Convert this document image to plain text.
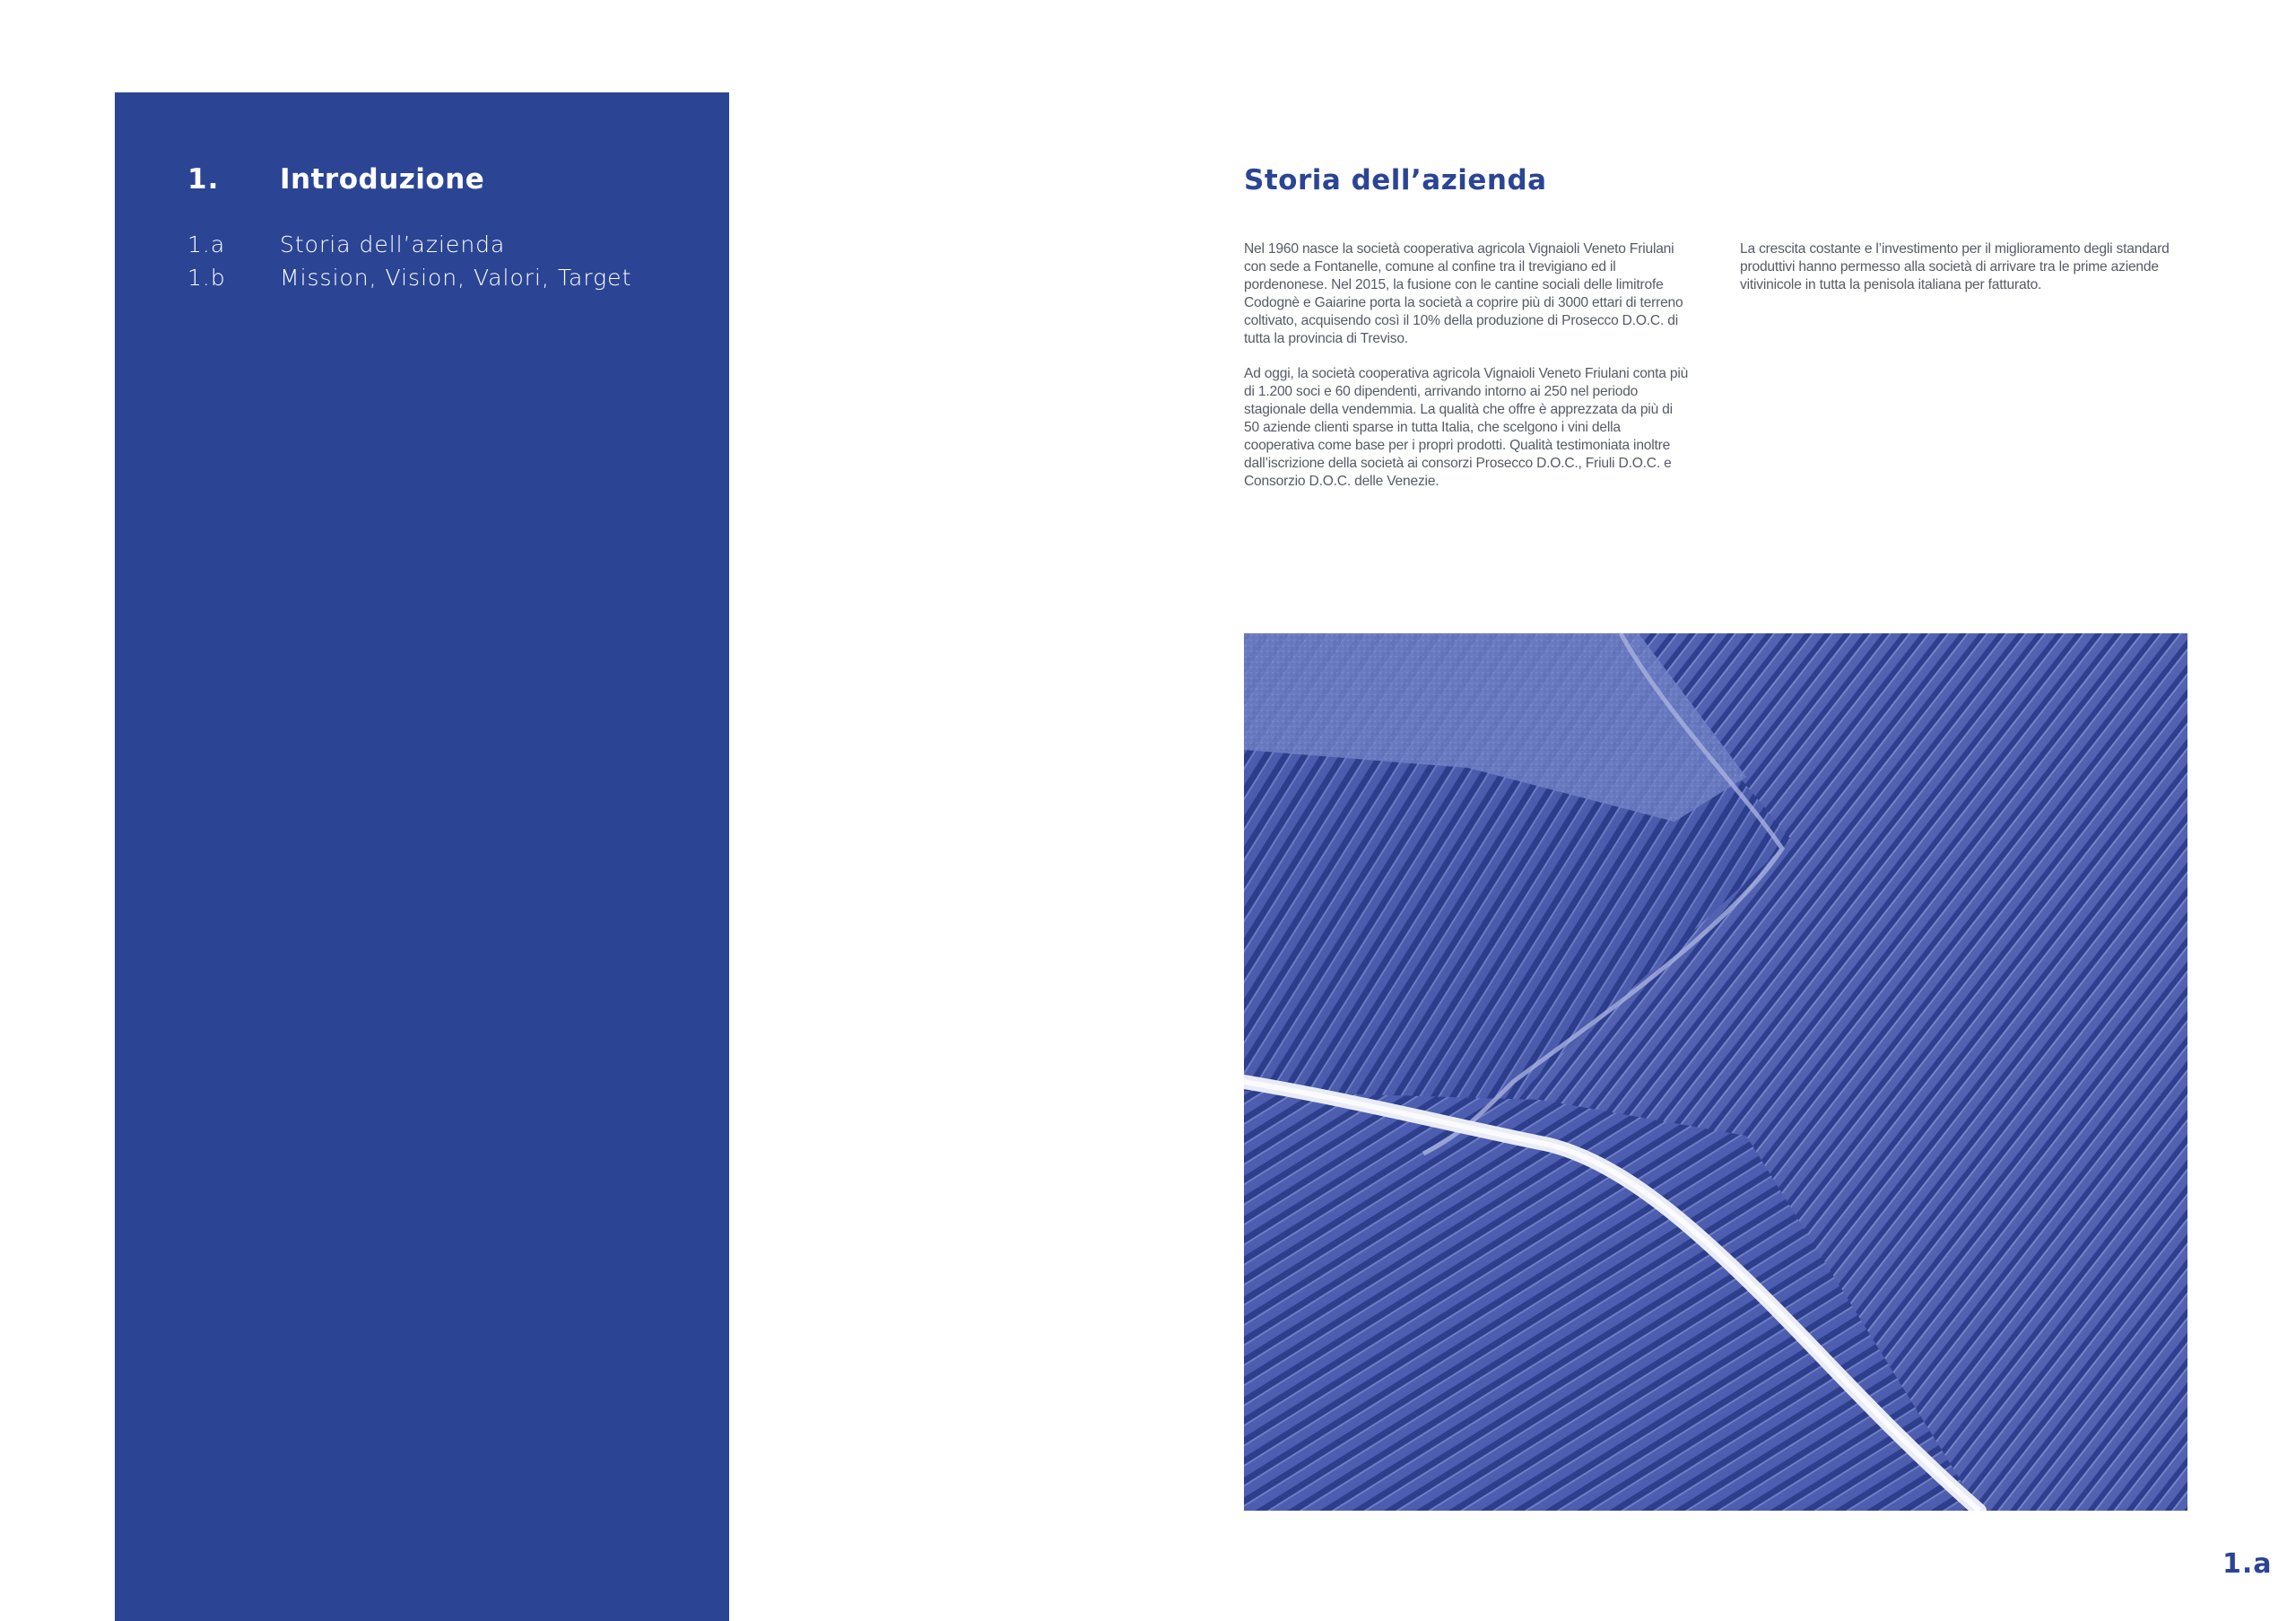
1. Introduzione
1.a Storia dell’azienda
1.b Mission, Vision, Valori, Target
Storia dell’azienda

Nel 1960 nasce la società cooperativa agricola Vignaioli Veneto Friulani con sede a Fontanelle, comune al confine tra il trevigiano ed il pordenonese. Nel 2015, la fusione con le cantine sociali delle limitrofe Codognè e Gaiarine porta la società a coprire più di 3000 ettari di terreno coltivato, acquisendo così il 10% della produzione di Prosecco D.O.C. di tutta la provincia di Treviso.

Ad oggi, la società cooperativa agricola Vignaioli Veneto Friulani conta più di 1.200 soci e 60 dipendenti, arrivando intorno ai 250 nel periodo stagionale della vendemmia. La qualità che offre è apprezzata da più di 50 aziende clienti sparse in tutta Italia, che scelgono i vini della cooperativa come base per i propri prodotti. Qualità testimoniata inoltre dall’iscrizione della società ai consorzi Prosecco D.O.C., Friuli D.O.C. e Consorzio D.O.C. delle Venezie.

La crescita costante e l’investimento per il miglioramento degli standard produttivi hanno permesso alla società di arrivare tra le prime aziende vitivinicole in tutta la penisola italiana per fatturato.

1.a
